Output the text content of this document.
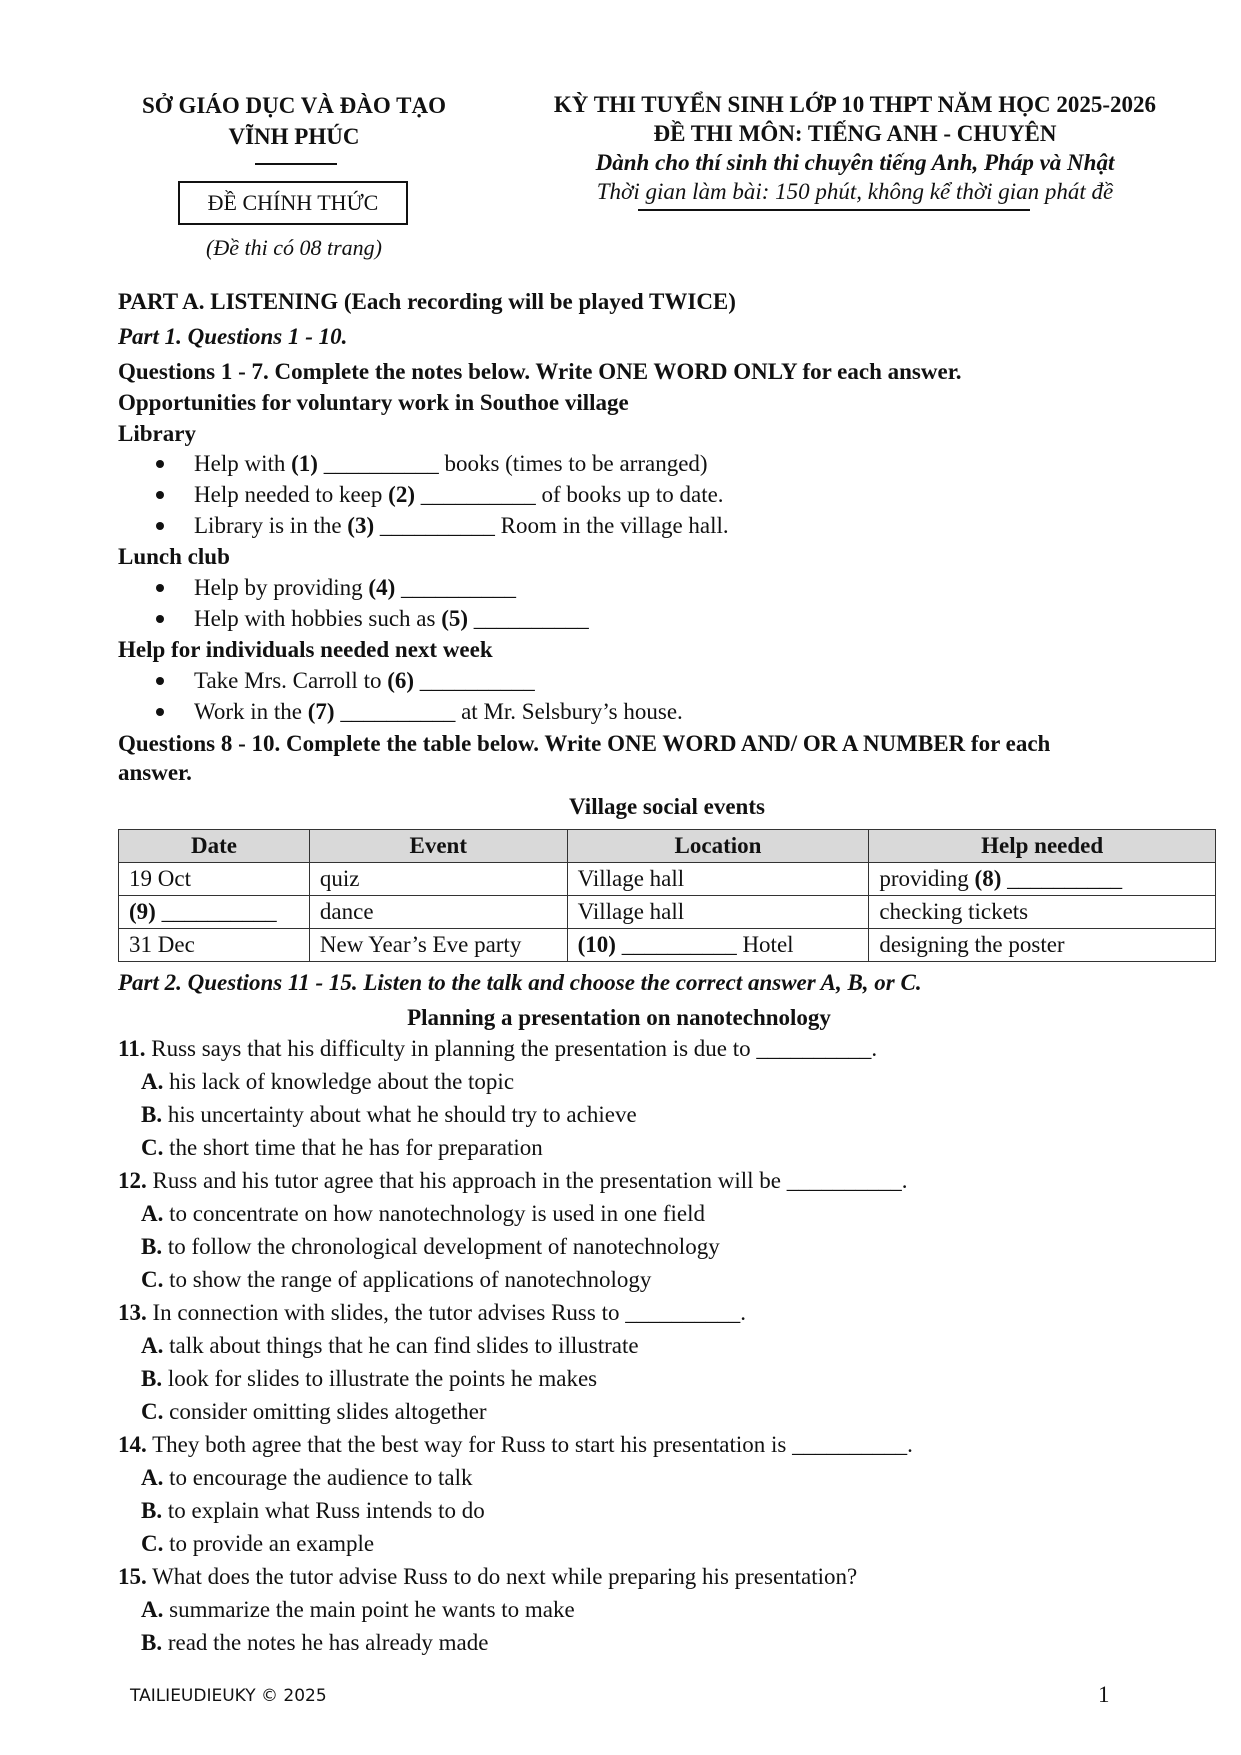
SỞ GIÁO DỤC VÀ ĐÀO TẠO
VĨNH PHÚC
ĐỀ CHÍNH THỨC
(Đề thi có 08 trang)
KỲ THI TUYỂN SINH LỚP 10 THPT NĂM HỌC 2025-2026
ĐỀ THI MÔN: TIẾNG ANH - CHUYÊN
Dành cho thí sinh thi chuyên tiếng Anh, Pháp và Nhật
Thời gian làm bài: 150 phút, không kể thời gian phát đề
PART A. LISTENING (Each recording will be played TWICE)
Part 1. Questions 1 - 10.
Questions 1 - 7. Complete the notes below. Write ONE WORD ONLY for each answer.
Opportunities for voluntary work in Southoe village
Library
Help with (1) __________ books (times to be arranged)
Help needed to keep (2) __________ of books up to date.
Library is in the (3) __________ Room in the village hall.
Lunch club
Help by providing (4) __________
Help with hobbies such as (5) __________
Help for individuals needed next week
Take Mrs. Carroll to (6) __________
Work in the (7) __________ at Mr. Selsbury’s house.
Questions 8 - 10. Complete the table below. Write ONE WORD AND/ OR A NUMBER for each
answer.
Village social events
Date	Event	Location	Help needed
19 Oct	quiz	Village hall	providing (8) __________
(9) __________	dance	Village hall	checking tickets
31 Dec	New Year’s Eve party	(10) __________ Hotel	designing the poster
Part 2. Questions 11 - 15. Listen to the talk and choose the correct answer A, B, or C.
Planning a presentation on nanotechnology
11. Russ says that his difficulty in planning the presentation is due to __________.
A. his lack of knowledge about the topic
B. his uncertainty about what he should try to achieve
C. the short time that he has for preparation
12. Russ and his tutor agree that his approach in the presentation will be __________.
A. to concentrate on how nanotechnology is used in one field
B. to follow the chronological development of nanotechnology
C. to show the range of applications of nanotechnology
13. In connection with slides, the tutor advises Russ to __________.
A. talk about things that he can find slides to illustrate
B. look for slides to illustrate the points he makes
C. consider omitting slides altogether
14. They both agree that the best way for Russ to start his presentation is __________.
A. to encourage the audience to talk
B. to explain what Russ intends to do
C. to provide an example
15. What does the tutor advise Russ to do next while preparing his presentation?
A. summarize the main point he wants to make
B. read the notes he has already made
TAILIEUDIEUKY © 2025	1
